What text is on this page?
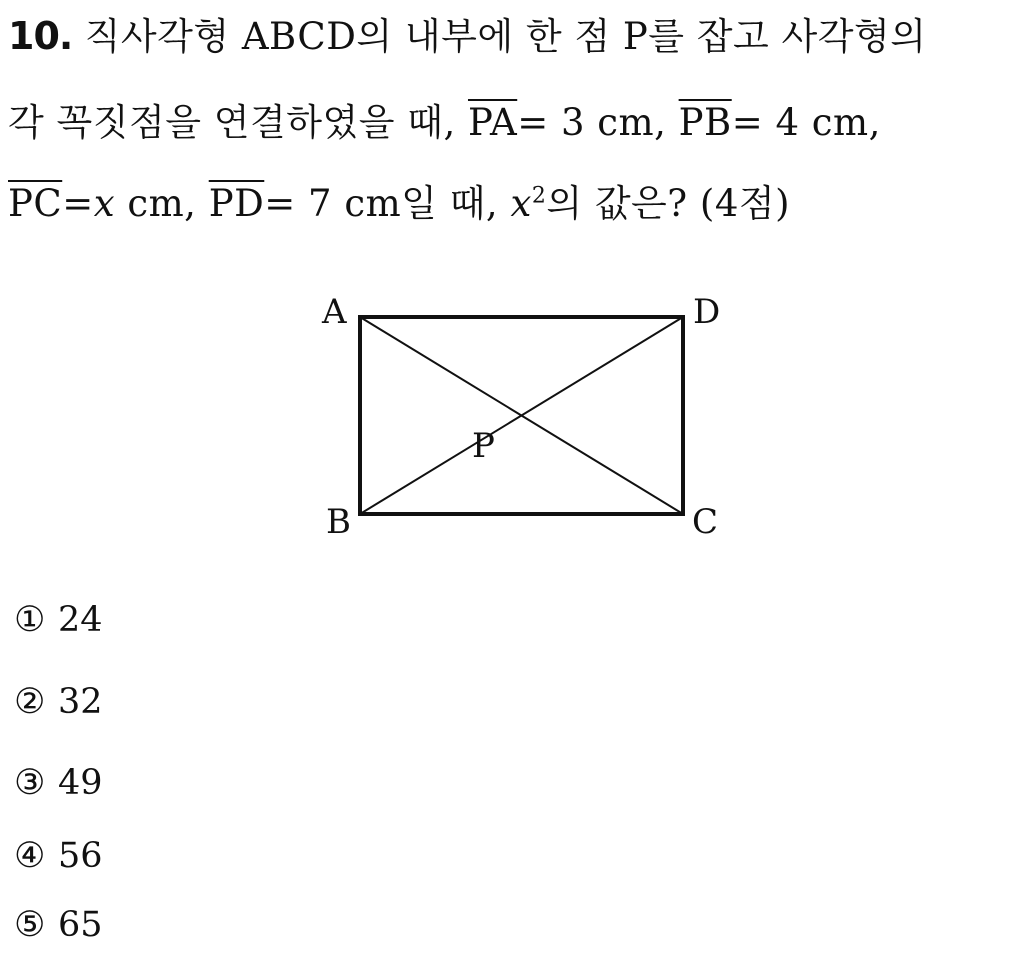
10. 직사각형 ABCD의 내부에 한 점 P를 잡고 사각형의
각 꼭짓점을 연결하였을 때, $\overline{PA}= 3$ cm, $\overline{PB}= 4$ cm,
$\overline{PC}=x$ cm, $\overline{PD}= 7$ cm일 때, $x^2$의 값은? (4점)
A	D
B	C
P
① 24
② 32
③ 49
④ 56
⑤ 65
